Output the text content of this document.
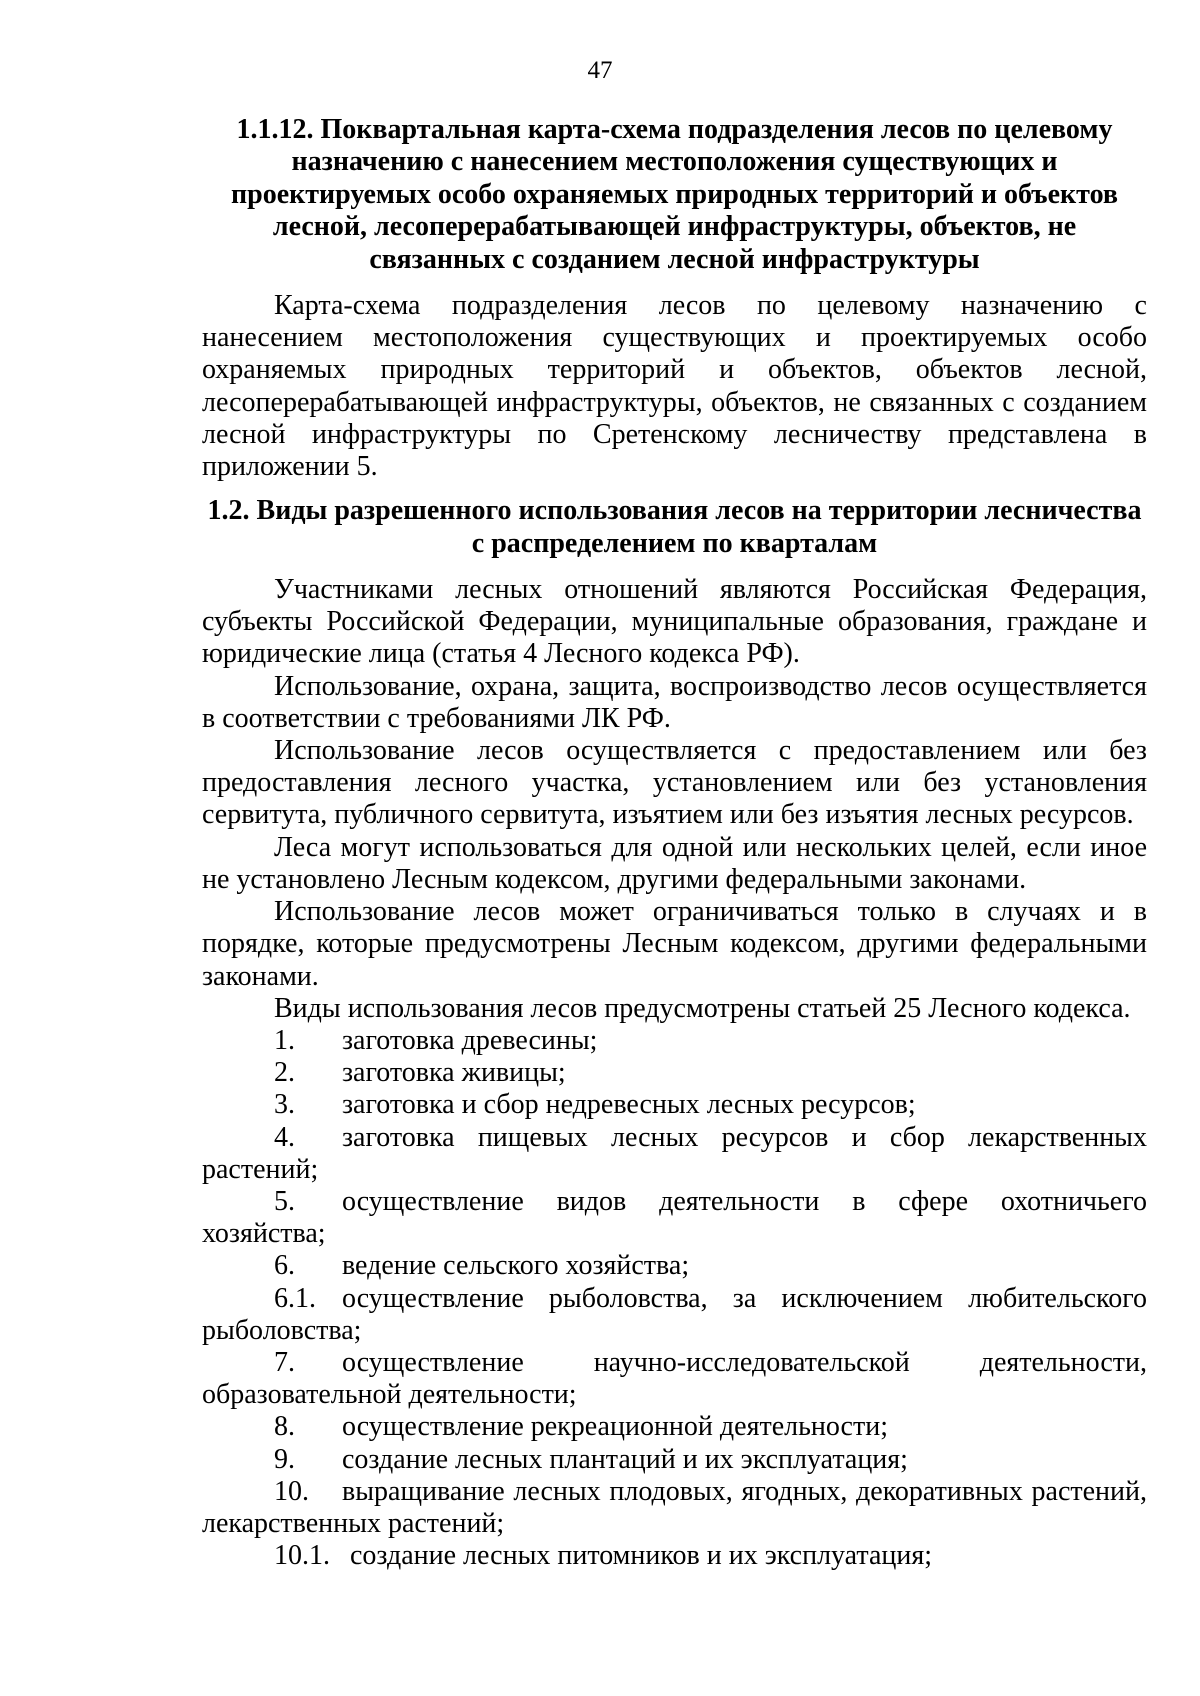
47
1.1.12. Поквартальная карта-схема подразделения лесов по целевому назначению с нанесением местоположения существующих и проектируемых особо охраняемых природных территорий и объектов лесной, лесоперерабатывающей инфраструктуры, объектов, не связанных с созданием лесной инфраструктуры

Карта-схема подразделения лесов по целевому назначению с нанесением местоположения существующих и проектируемых особо охраняемых природных территорий и объектов, объектов лесной, лесоперерабатывающей инфраструктуры, объектов, не связанных с созданием лесной инфраструктуры по Сретенскому лесничеству представлена в приложении 5.

1.2. Виды разрешенного использования лесов на территории лесничества с распределением по кварталам

Участниками лесных отношений являются Российская Федерация, субъекты Российской Федерации, муниципальные образования, граждане и юридические лица (статья 4 Лесного кодекса РФ).

Использование, охрана, защита, воспроизводство лесов осуществляется в соответствии с требованиями ЛК РФ.

Использование лесов осуществляется с предоставлением или без предоставления лесного участка, установлением или без установления сервитута, публичного сервитута, изъятием или без изъятия лесных ресурсов.

Леса могут использоваться для одной или нескольких целей, если иное не установлено Лесным кодексом, другими федеральными законами.

Использование лесов может ограничиваться только в случаях и в порядке, которые предусмотрены Лесным кодексом, другими федеральными законами.

Виды использования лесов предусмотрены статьей 25 Лесного кодекса.

1. заготовка древесины;

2. заготовка живицы;

3. заготовка и сбор недревесных лесных ресурсов;

4. заготовка пищевых лесных ресурсов и сбор лекарственных растений;

5. осуществление видов деятельности в сфере охотничьего хозяйства;

6. ведение сельского хозяйства;

6.1. осуществление рыболовства, за исключением любительского рыболовства;

7. осуществление научно-исследовательской деятельности, образовательной деятельности;

8. осуществление рекреационной деятельности;

9. создание лесных плантаций и их эксплуатация;

10. выращивание лесных плодовых, ягодных, декоративных растений, лекарственных растений;

10.1. создание лесных питомников и их эксплуатация;
